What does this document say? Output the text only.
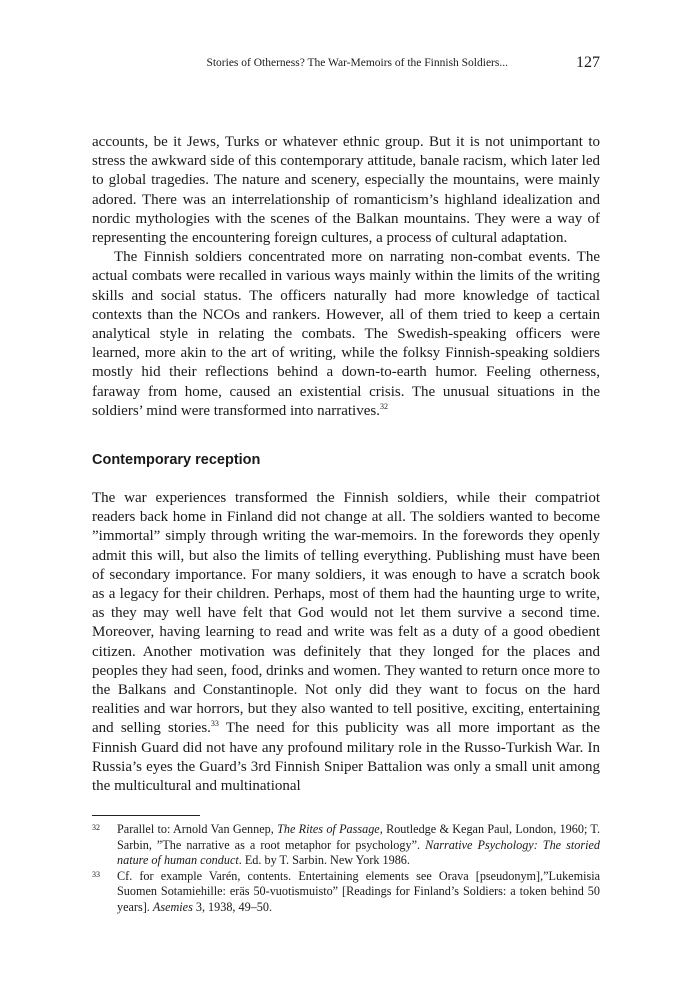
Stories of Otherness? The War-Memoirs of the Finnish Soldiers...	127

accounts, be it Jews, Turks or whatever ethnic group. But it is not unimportant to stress the awkward side of this contemporary attitude, banale racism, which later led to global tragedies. The nature and scenery, especially the mountains, were mainly adored. There was an interrelationship of romanticism’s highland idealization and nordic mythologies with the scenes of the Balkan mountains. They were a way of representing the encountering foreign cultures, a process of cultural adaptation.

The Finnish soldiers concentrated more on narrating non-combat events. The actual combats were recalled in various ways mainly within the limits of the writing skills and social status. The officers naturally had more knowledge of tactical contexts than the NCOs and rankers. However, all of them tried to keep a certain analytical style in relating the combats. The Swedish-speaking officers were learned, more akin to the art of writing, while the folksy Finnish-speaking soldiers mostly hid their reflections behind a down-to-earth humor. Feeling otherness, faraway from home, caused an existential crisis. The unusual situations in the soldiers’ mind were transformed into narratives.$^{32}$

Contemporary reception

The war experiences transformed the Finnish soldiers, while their compatriot readers back home in Finland did not change at all. The soldiers wanted to become ”immortal” simply through writing the war-memoirs. In the forewords they openly admit this will, but also the limits of telling everything. Publishing must have been of secondary importance. For many soldiers, it was enough to have a scratch book as a legacy for their children. Perhaps, most of them had the haunting urge to write, as they may well have felt that God would not let them survive a second time. Moreover, having learning to read and write was felt as a duty of a good obedient citizen. Another motivation was definitely that they longed for the places and peoples they had seen, food, drinks and women. They wanted to return once more to the Balkans and Constantinople. Not only did they want to focus on the hard realities and war horrors, but they also wanted to tell positive, exciting, entertaining and selling stories.$^{33}$ The need for this publicity was all more important as the Finnish Guard did not have any profound military role in the Russo-Turkish War. In Russia’s eyes the Guard’s 3rd Finnish Sniper Battalion was only a small unit among the multicultural and multinational

32 Parallel to: Arnold Van Gennep, The Rites of Passage, Routledge & Kegan Paul, London, 1960; T. Sarbin, ”The narrative as a root metaphor for psychology”. Narrative Psychology: The storied nature of human conduct. Ed. by T. Sarbin. New York 1986.

33 Cf. for example Varén, contents. Entertaining elements see Orava [pseudonym],”Lukemisia Suomen Sotamiehille: eräs 50-vuotismuisto” [Readings for Finland’s Soldiers: a token behind 50 years]. Asemies 3, 1938, 49–50.
